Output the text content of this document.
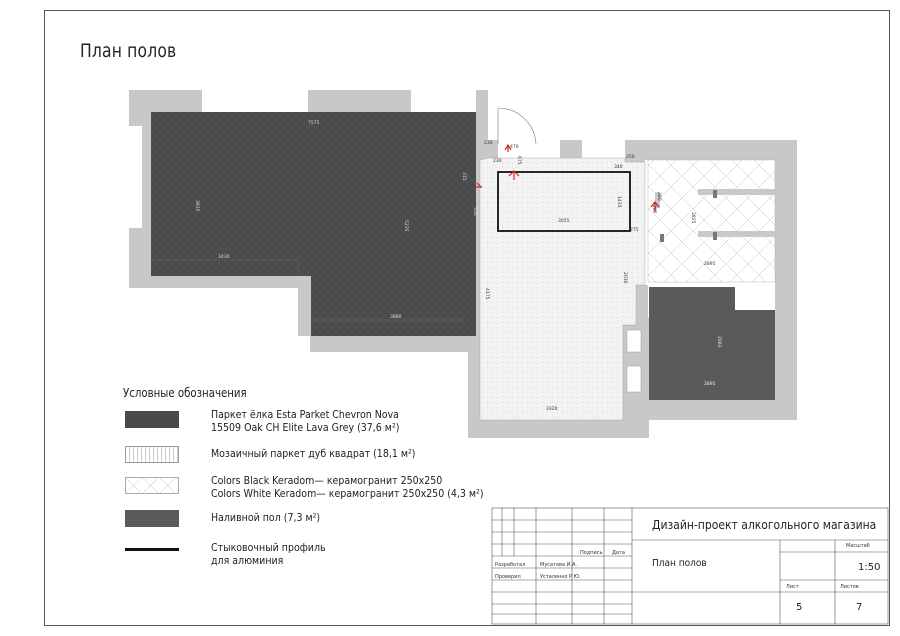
План полов
7575
3835
3430
5235
3880
230
470
675
230
315
550
4175
3055
1435
275
2030
3320
340
250
380
287
2825
2895
2063
2895
Условные обозначения
Паркет ёлка Esta Parket Chevron Nova
15509 Oak CH Elite Lava Grey (37,6 м²)
Мозаичный паркет дуб квадрат (18,1 м²)
Colors Black Keradom— керамогранит 250x250
Colors White Keradom— керамогранит 250x250 (4,3 м²)
Наливной пол (7,3 м²)
Стыковочный профиль
для алюминия
Подпись Дата
Разработал	Мусатова И.А.
Проверил	Усталенко Р.Ю.
Дизайн-проект алкогольного магазина
План полов
Масштаб
1:50
Лист	Листов
5	7
